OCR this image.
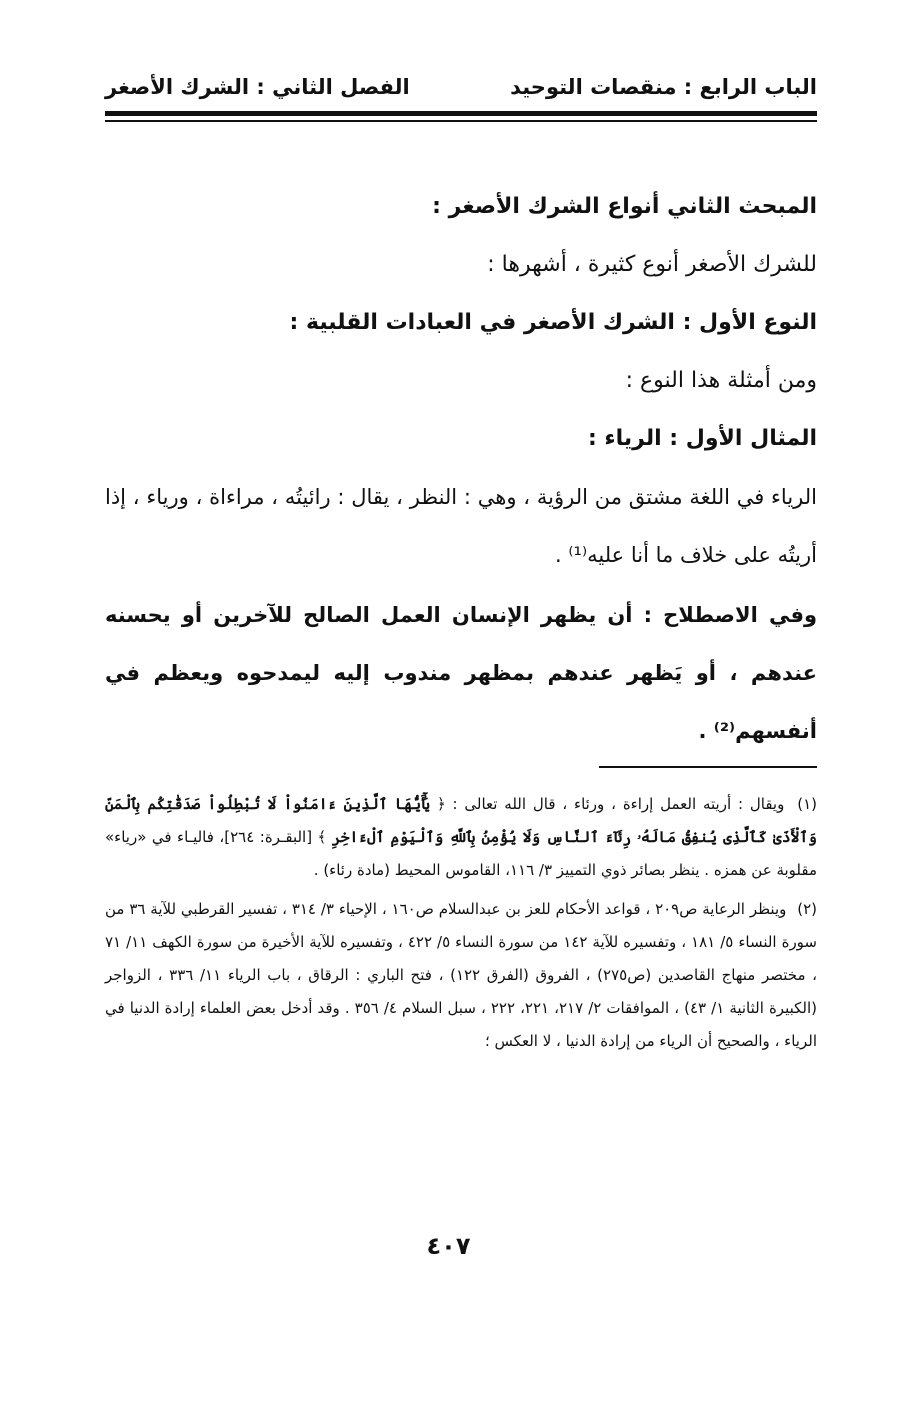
الباب الرابع : منقصات التوحيد
الفصل الثاني : الشرك الأصغر
المبحث الثاني أنواع الشرك الأصغر :
للشرك الأصغر أنوع كثيرة ، أشهرها :
النوع الأول : الشرك الأصغر في العبادات القلبية :
ومن أمثلة هذا النوع :
المثال الأول : الرياء :
الرياء في اللغة مشتق من الرؤية ، وهي : النظر ، يقال : رائيتُه ، مراءاة ، ورياء ، إذا أريتُه على خلاف ما أنا عليه⁽¹⁾ .
وفي الاصطلاح : أن يظهر الإنسان العمل الصالح للآخرين أو يحسنه عندهم ، أو يَظهر عندهم بمظهر مندوب إليه ليمدحوه ويعظم في أنفسهم⁽²⁾ .

(١) ويقال : أريته العمل إراءة ، ورئاء ، قال الله تعالى : ﴿ يَٰٓأَيُّهَا ٱلَّذِينَ ءَامَنُواْ لَا تُبْطِلُواْ صَدَقَٰتِكُم بِٱلْمَنِّ وَٱلْأَذَىٰ كَٱلَّذِى يُنفِقُ مَالَهُۥ رِئَآءَ ٱلنَّاسِ وَلَا يُؤْمِنُ بِٱللَّهِ وَٱلْيَوْمِ ٱلْءَاخِرِ ﴾ [البقـرة: ٢٦٤]، فاليـاء في «رياء» مقلوبة عن همزه . ينظر بصائر ذوي التمييز ٣/ ١١٦، القاموس المحيط (مادة رئاء) .

(٢) وينظر الرعاية ص٢٠٩ ، قواعد الأحكام للعز بن عبدالسلام ص١٦٠ ، الإحياء ٣/ ٣١٤ ، تفسير القرطبي للآية ٣٦ من سورة النساء ٥/ ١٨١ ، وتفسيره للآية ١٤٢ من سورة النساء ٥/ ٤٢٢ ، وتفسيره للآية الأخيرة من سورة الكهف ١١/ ٧١ ، مختصر منهاج القاصدين (ص٢٧٥) ، الفروق (الفرق ١٢٢) ، فتح الباري : الرقاق ، باب الرياء ١١/ ٣٣٦ ، الزواجر (الكبيرة الثانية ١/ ٤٣) ، الموافقات ٢/ ٢١٧، ٢٢١، ٢٢٢ ، سبل السلام ٤/ ٣٥٦ . وقد أدخل بعض العلماء إرادة الدنيا في الرياء ، والصحيح أن الرياء من إرادة الدنيا ، لا العكس ؛

٤٠٧
